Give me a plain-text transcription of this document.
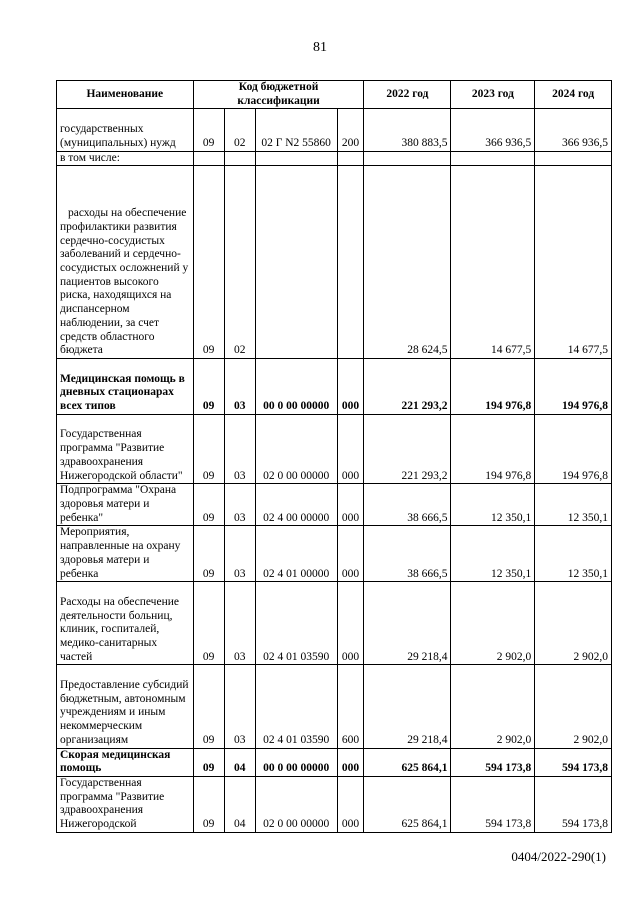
81
Наименование	Код бюджетной классификации				2022 год	2023 год	2024 год
государственных (муниципальных) нужд	09	02	02 Г N2 55860	200	380 883,5	366 936,5	366 936,5
в том числе:							
расходы на обеспечение профилактики развития сердечно-сосудистых заболеваний и сердечно-сосудистых осложнений у пациентов высокого риска, находящихся на диспансерном наблюдении, за счет средств областного бюджета	09	02			28 624,5	14 677,5	14 677,5
Медицинская помощь в дневных стационарах всех типов	09	03	00 0 00 00000	000	221 293,2	194 976,8	194 976,8
Государственная программа "Развитие здравоохранения Нижегородской области"	09	03	02 0 00 00000	000	221 293,2	194 976,8	194 976,8
Подпрограмма "Охрана здоровья матери и ребенка"	09	03	02 4 00 00000	000	38 666,5	12 350,1	12 350,1
Мероприятия, направленные на охрану здоровья матери и ребенка	09	03	02 4 01 00000	000	38 666,5	12 350,1	12 350,1
Расходы на обеспечение деятельности больниц, клиник, госпиталей, медико-санитарных частей	09	03	02 4 01 03590	000	29 218,4	2 902,0	2 902,0
Предоставление субсидий бюджетным, автономным учреждениям и иным некоммерческим организациям	09	03	02 4 01 03590	600	29 218,4	2 902,0	2 902,0
Скорая медицинская помощь	09	04	00 0 00 00000	000	625 864,1	594 173,8	594 173,8
Государственная программа "Развитие здравоохранения Нижегородской	09	04	02 0 00 00000	000	625 864,1	594 173,8	594 173,8
0404/2022-290(1)
